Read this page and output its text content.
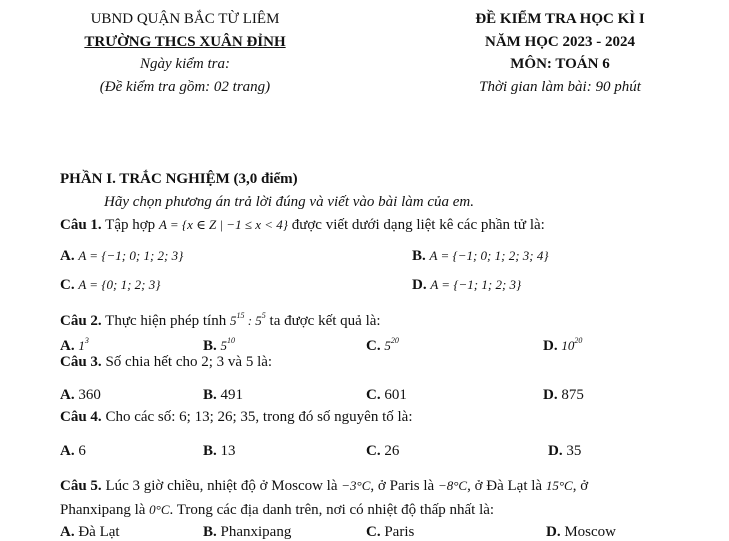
UBND QUẬN BẮC TỪ LIÊM
TRƯỜNG THCS XUÂN ĐỈNH
Ngày kiểm tra:
(Đề kiểm tra gồm: 02 trang)
ĐỀ KIỂM TRA HỌC KÌ I
NĂM HỌC 2023 - 2024
MÔN: TOÁN 6
Thời gian làm bài: 90 phút
PHẦN I. TRẮC NGHIỆM (3,0 điểm)
Hãy chọn phương án trả lời đúng và viết vào bài làm của em.
Câu 1. Tập hợp A = {x ∈ Z | −1 ≤ x < 4} được viết dưới dạng liệt kê các phần tử là:
A. A = {−1; 0; 1; 2; 3}	B. A = {−1; 0; 1; 2; 3; 4}
C. A = {0; 1; 2; 3}	D. A = {−1; 1; 2; 3}
Câu 2. Thực hiện phép tính $5^{15}$ : $5^5$ ta được kết quả là:
A. $1^3$	B. $5^{10}$	C. $5^{20}$	D. $10^{20}$
Câu 3. Số chia hết cho 2; 3 và 5 là:
A. 360	B. 491	C. 601	D. 875
Câu 4. Cho các số: 6; 13; 26; 35, trong đó số nguyên tố là:
A. 6	B. 13	C. 26	D. 35
Câu 5. Lúc 3 giờ chiều, nhiệt độ ở Moscow là −3°C, ở Paris là −8°C, ở Đà Lạt là 15°C, ở
Phanxipang là 0°C. Trong các địa danh trên, nơi có nhiệt độ thấp nhất là:
A. Đà Lạt	B. Phanxipang	C. Paris	D. Moscow
